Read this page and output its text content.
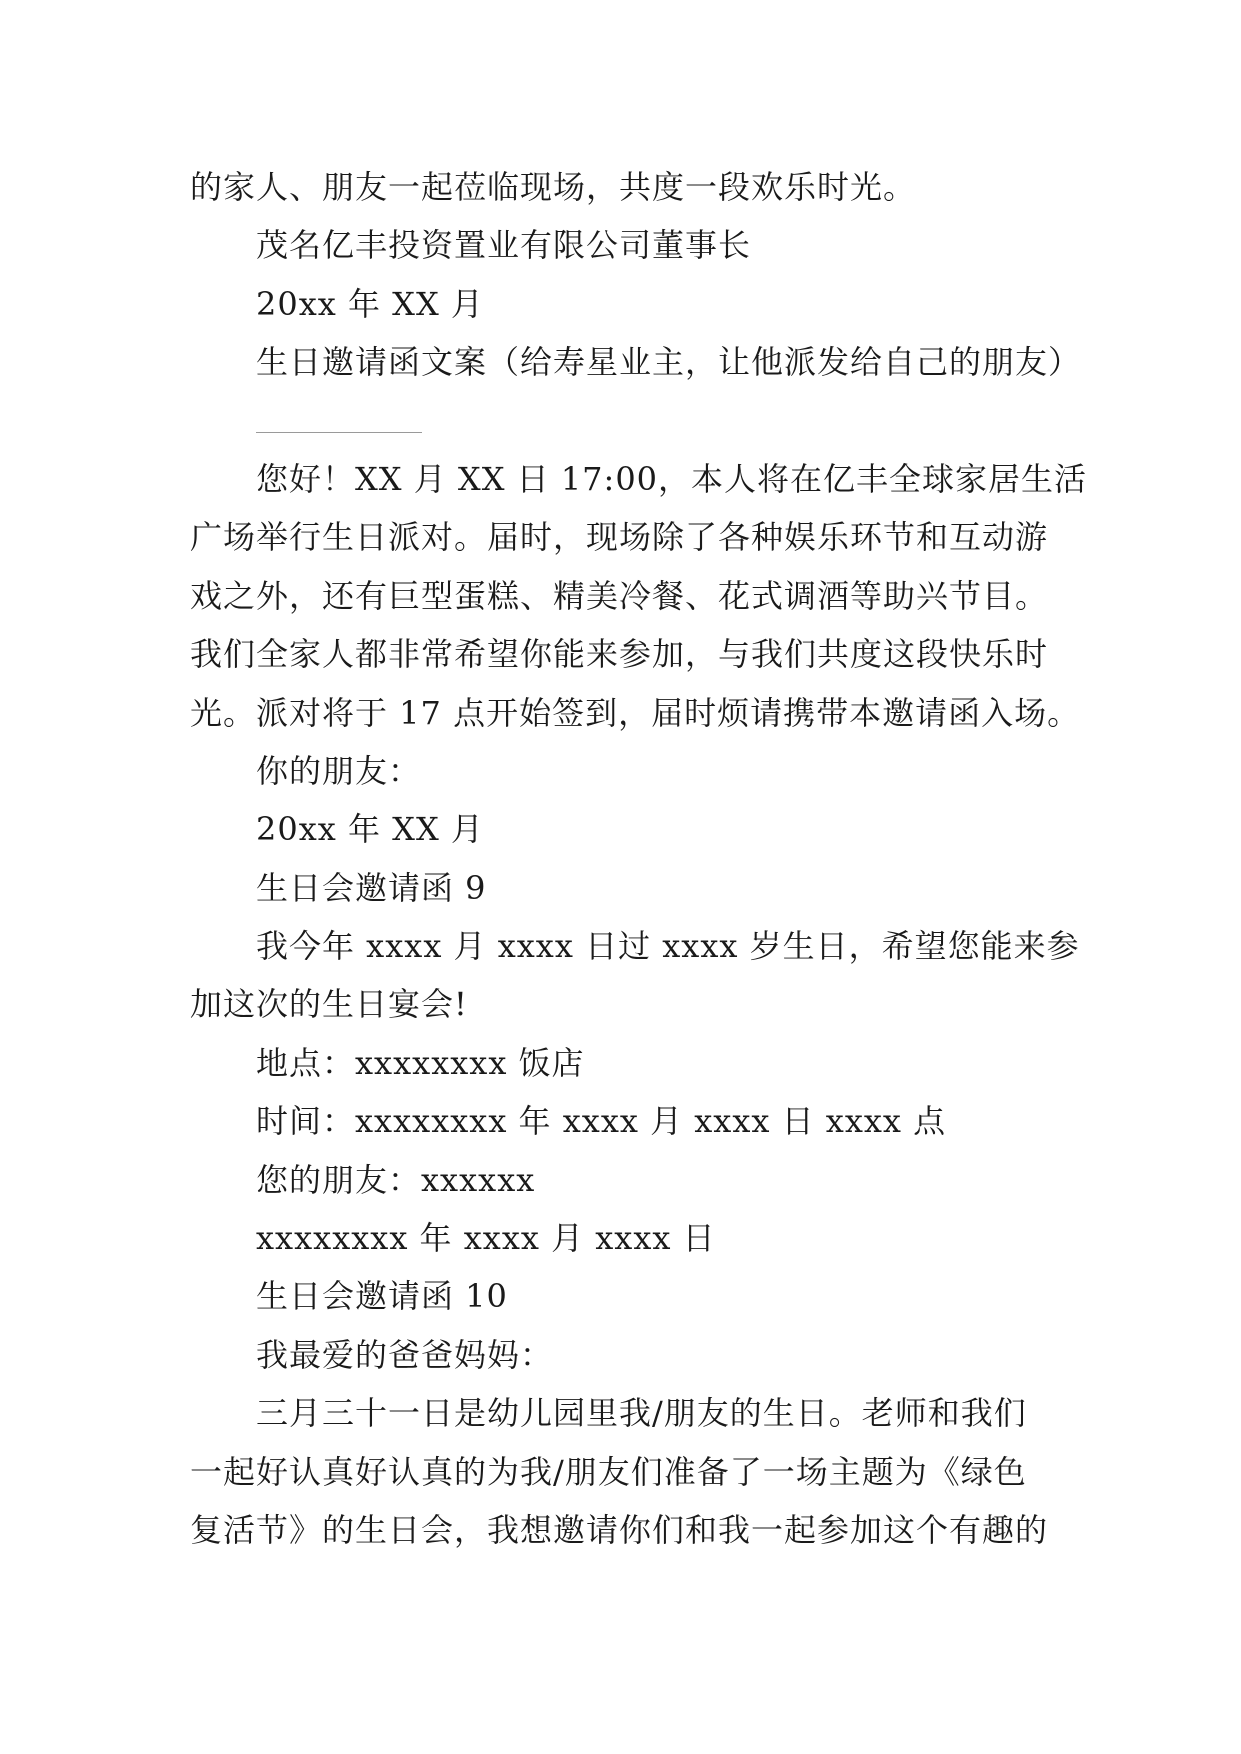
的家人、朋友一起莅临现场，共度一段欢乐时光。
茂名亿丰投资置业有限公司董事长
20xx 年 XX 月
生日邀请函文案（给寿星业主，让他派发给自己的朋友）
您好！XX 月 XX 日 17:00，本人将在亿丰全球家居生活
广场举行生日派对。届时，现场除了各种娱乐环节和互动游
戏之外，还有巨型蛋糕、精美冷餐、花式调酒等助兴节目。
我们全家人都非常希望你能来参加，与我们共度这段快乐时
光。派对将于 17 点开始签到，届时烦请携带本邀请函入场。
你的朋友：
20xx 年 XX 月
生日会邀请函 9
我今年 xxxx 月 xxxx 日过 xxxx 岁生日，希望您能来参
加这次的生日宴会!
地点：xxxxxxxx 饭店
时间：xxxxxxxx 年 xxxx 月 xxxx 日 xxxx 点
您的朋友：xxxxxx
xxxxxxxx 年 xxxx 月 xxxx 日
生日会邀请函 10
我最爱的爸爸妈妈：
三月三十一日是幼儿园里我/朋友的生日。老师和我们
一起好认真好认真的为我/朋友们准备了一场主题为《绿色
复活节》的生日会，我想邀请你们和我一起参加这个有趣的
